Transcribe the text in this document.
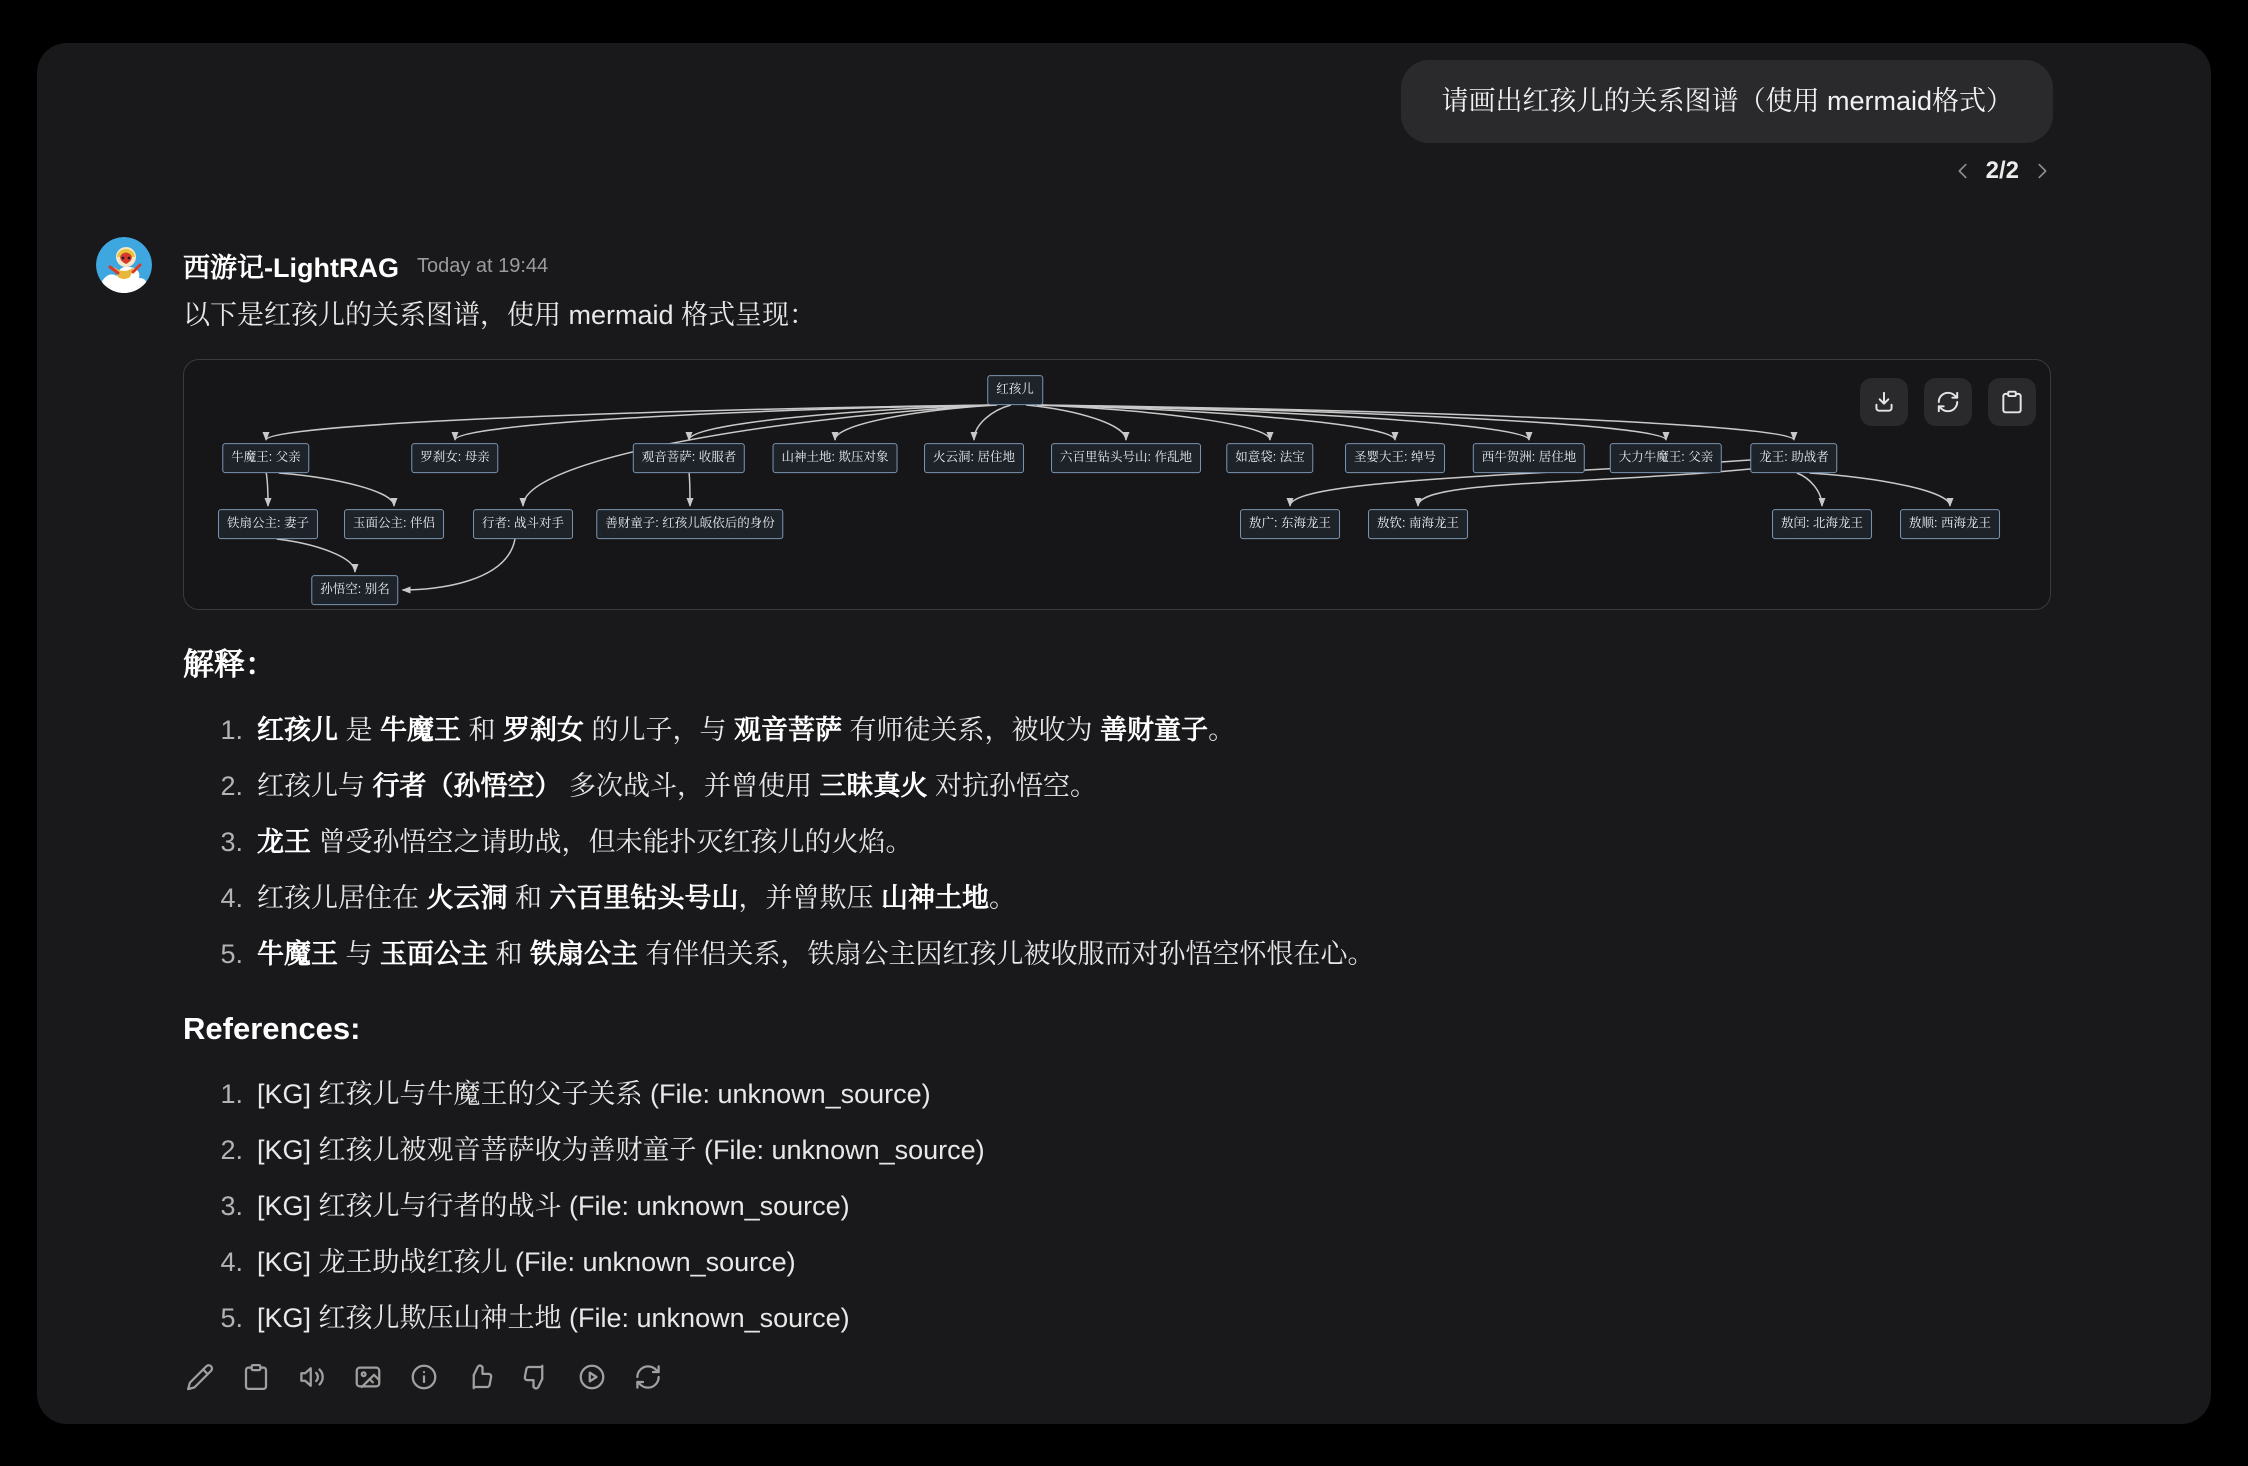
请画出红孩儿的关系图谱（使用 mermaid格式）
2/2
西游记-LightRAG Today at 19:44

以下是红孩儿的关系图谱，使用 mermaid 格式呈现：

红孩儿
牛魔王: 父亲	罗刹女: 母亲	观音菩萨: 收服者	山神土地: 欺压对象	火云洞: 居住地	六百里钻头号山: 作乱地	如意袋: 法宝	圣婴大王: 绰号	西牛贺洲: 居住地	大力牛魔王: 父亲	龙王: 助战者
铁扇公主: 妻子	玉面公主: 伴侣	行者: 战斗对手	善财童子: 红孩儿皈依后的身份	敖广: 东海龙王	敖钦: 南海龙王	敖闰: 北海龙王	敖顺: 西海龙王
孙悟空: 别名
解释：
1. 红孩儿 是 牛魔王 和 罗刹女 的儿子，与 观音菩萨 有师徒关系，被收为 善财童子。
2. 红孩儿与 行者（孙悟空） 多次战斗，并曾使用 三昧真火 对抗孙悟空。
3. 龙王 曾受孙悟空之请助战，但未能扑灭红孩儿的火焰。
4. 红孩儿居住在 火云洞 和 六百里钻头号山，并曾欺压 山神土地。
5. 牛魔王 与 玉面公主 和 铁扇公主 有伴侣关系，铁扇公主因红孩儿被收服而对孙悟空怀恨在心。
References:
1. [KG] 红孩儿与牛魔王的父子关系 (File: unknown_source)
2. [KG] 红孩儿被观音菩萨收为善财童子 (File: unknown_source)
3. [KG] 红孩儿与行者的战斗 (File: unknown_source)
4. [KG] 龙王助战红孩儿 (File: unknown_source)
5. [KG] 红孩儿欺压山神土地 (File: unknown_source)
